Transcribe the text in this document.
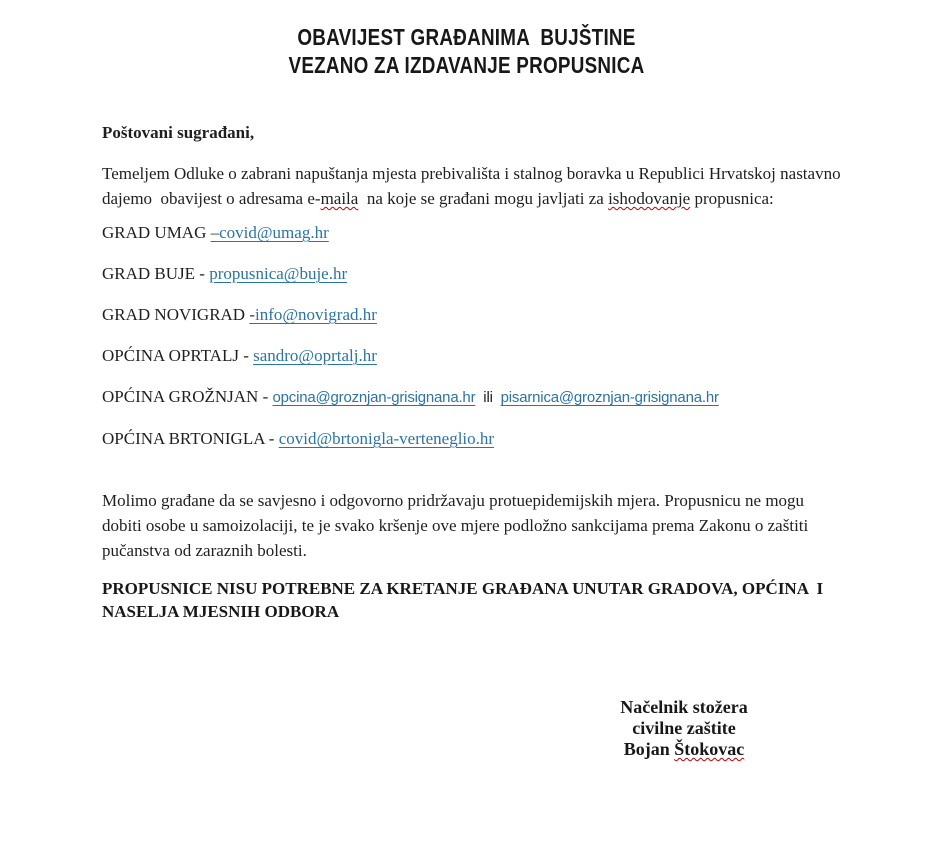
OBAVIJEST GRAĐANIMA  BUJŠTINE
VEZANO ZA IZDAVANJE PROPUSNICA

Poštovani sugrađani,

Temeljem Odluke o zabrani napuštanja mjesta prebivališta i stalnog boravka u Republici Hrvatskoj nastavno dajemo  obavijest o adresama e-maila  na koje se građani mogu javljati za ishodovanje propusnica:

GRAD UMAG –covid@umag.hr

GRAD BUJE - propusnica@buje.hr

GRAD NOVIGRAD -info@novigrad.hr

OPĆINA OPRTALJ - sandro@oprtalj.hr

OPĆINA GROŽNJAN - opcina@groznjan-grisignana.hr  ili  pisarnica@groznjan-grisignana.hr

OPĆINA BRTONIGLA - covid@brtonigla-verteneglio.hr

Molimo građane da se savjesno i odgovorno pridržavaju protuepidemijskih mjera. Propusnicu ne mogu dobiti osobe u samoizolaciji, te je svako kršenje ove mjere podložno sankcijama prema Zakonu o zaštiti pučanstva od zaraznih bolesti.

PROPUSNICE NISU POTREBNE ZA KRETANJE GRAĐANA UNUTAR GRADOVA, OPĆINA  I
NASELJA MJESNIH ODBORA

Načelnik stožera
civilne zaštite
Bojan Štokovac
